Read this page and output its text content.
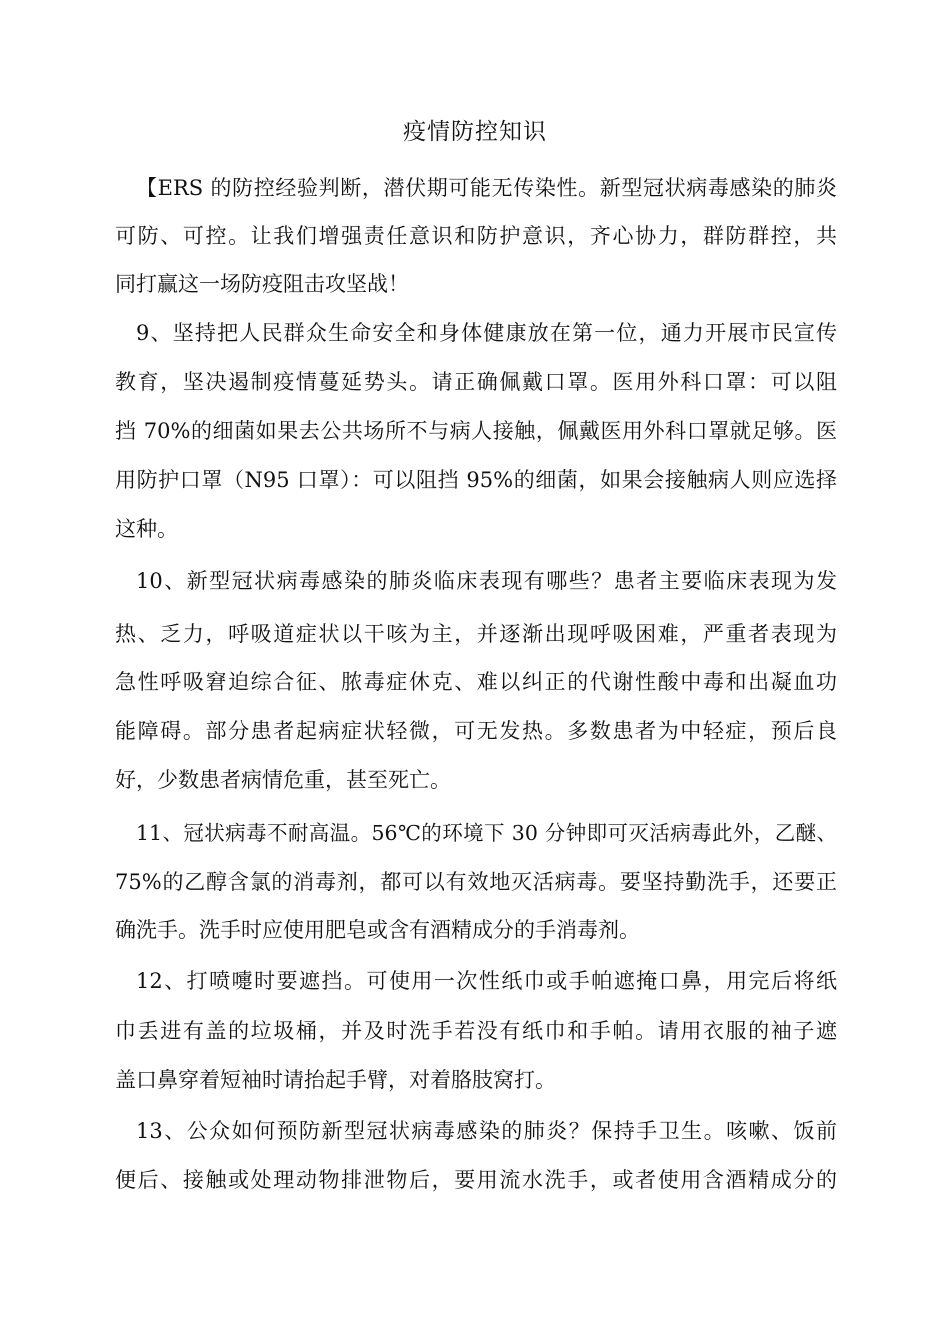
疫情防控知识
【ERS 的防控经验判断，潜伏期可能无传染性。新型冠状病毒感染的肺炎
可防、可控。让我们增强责任意识和防护意识，齐心协力，群防群控，共
同打赢这一场防疫阻击攻坚战！
9、坚持把人民群众生命安全和身体健康放在第一位，通力开展市民宣传
教育，坚决遏制疫情蔓延势头。请正确佩戴口罩。医用外科口罩：可以阻
挡 70%的细菌如果去公共场所不与病人接触，佩戴医用外科口罩就足够。医
用防护口罩（N95 口罩）：可以阻挡 95%的细菌，如果会接触病人则应选择
这种。
10、新型冠状病毒感染的肺炎临床表现有哪些？患者主要临床表现为发
热、乏力，呼吸道症状以干咳为主，并逐渐出现呼吸困难，严重者表现为
急性呼吸窘迫综合征、脓毒症休克、难以纠正的代谢性酸中毒和出凝血功
能障碍。部分患者起病症状轻微，可无发热。多数患者为中轻症，预后良
好，少数患者病情危重，甚至死亡。
11、冠状病毒不耐高温。56℃的环境下 30 分钟即可灭活病毒此外，乙醚、
75%的乙醇含氯的消毒剂，都可以有效地灭活病毒。要坚持勤洗手，还要正
确洗手。洗手时应使用肥皂或含有酒精成分的手消毒剂。
12、打喷嚏时要遮挡。可使用一次性纸巾或手帕遮掩口鼻，用完后将纸
巾丢进有盖的垃圾桶，并及时洗手若没有纸巾和手帕。请用衣服的袖子遮
盖口鼻穿着短袖时请抬起手臂，对着胳肢窝打。
13、公众如何预防新型冠状病毒感染的肺炎？保持手卫生。咳嗽、饭前
便后、接触或处理动物排泄物后，要用流水洗手，或者使用含酒精成分的
